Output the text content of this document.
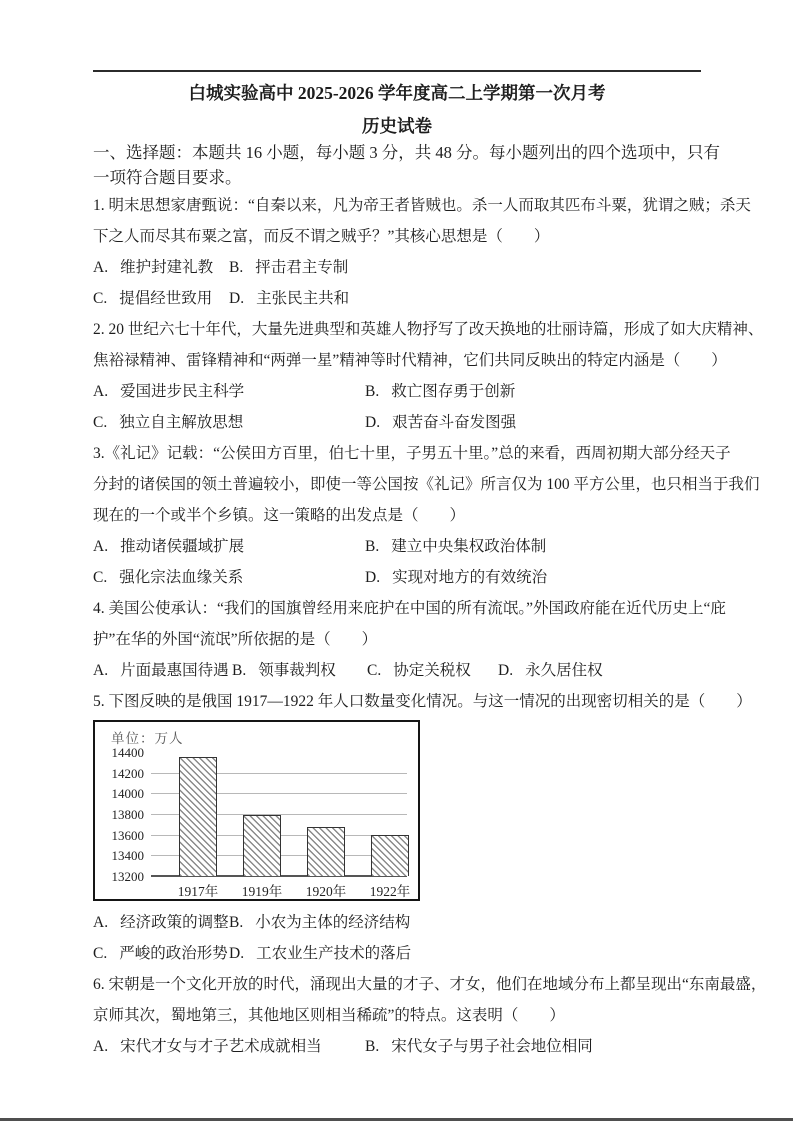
白城实验高中 2025-2026 学年度高二上学期第一次月考
历史试卷
一、选择题：本题共 16 小题，每小题 3 分，共 48 分。每小题列出的四个选项中，只有
一项符合题目要求。
1. 明末思想家唐甄说：“自秦以来，凡为帝王者皆贼也。杀一人而取其匹布斗粟，犹谓之贼；杀天
下之人而尽其布粟之富，而反不谓之贼乎？”其核心思想是（　　）
A. 维护封建礼教 B. 抨击君主专制
C. 提倡经世致用 D. 主张民主共和
2. 20 世纪六七十年代，大量先进典型和英雄人物抒写了改天换地的壮丽诗篇，形成了如大庆精神、
焦裕禄精神、雷锋精神和“两弹一星”精神等时代精神，它们共同反映出的特定内涵是（　　）
A. 爱国进步民主科学	B. 救亡图存勇于创新
C. 独立自主解放思想	D. 艰苦奋斗奋发图强
3.《礼记》记载：“公侯田方百里，伯七十里，子男五十里。”总的来看，西周初期大部分经天子
分封的诸侯国的领土普遍较小，即使一等公国按《礼记》所言仅为 100 平方公里，也只相当于我们
现在的一个或半个乡镇。这一策略的出发点是（　　）
A. 推动诸侯疆域扩展	B. 建立中央集权政治体制
C. 强化宗法血缘关系	D. 实现对地方的有效统治
4. 美国公使承认：“我们的国旗曾经用来庇护在中国的所有流氓。”外国政府能在近代历史上“庇
护”在华的外国“流氓”所依据的是（　　）
A. 片面最惠国待遇 B. 领事裁判权 C. 协定关税权 D. 永久居住权
5. 下图反映的是俄国 1917—1922 年人口数量变化情况。与这一情况的出现密切相关的是（　　）
单位：万人
14400
14200
14000
13800
13600
13400
13200
1917年	1919年	1920年	1922年
A. 经济政策的调整B. 小农为主体的经济结构
C. 严峻的政治形势D. 工农业生产技术的落后
6. 宋朝是一个文化开放的时代，涌现出大量的才子、才女，他们在地域分布上都呈现出“东南最盛，
京师其次，蜀地第三，其他地区则相当稀疏”的特点。这表明（　　）
A. 宋代才女与才子艺术成就相当	B. 宋代女子与男子社会地位相同
